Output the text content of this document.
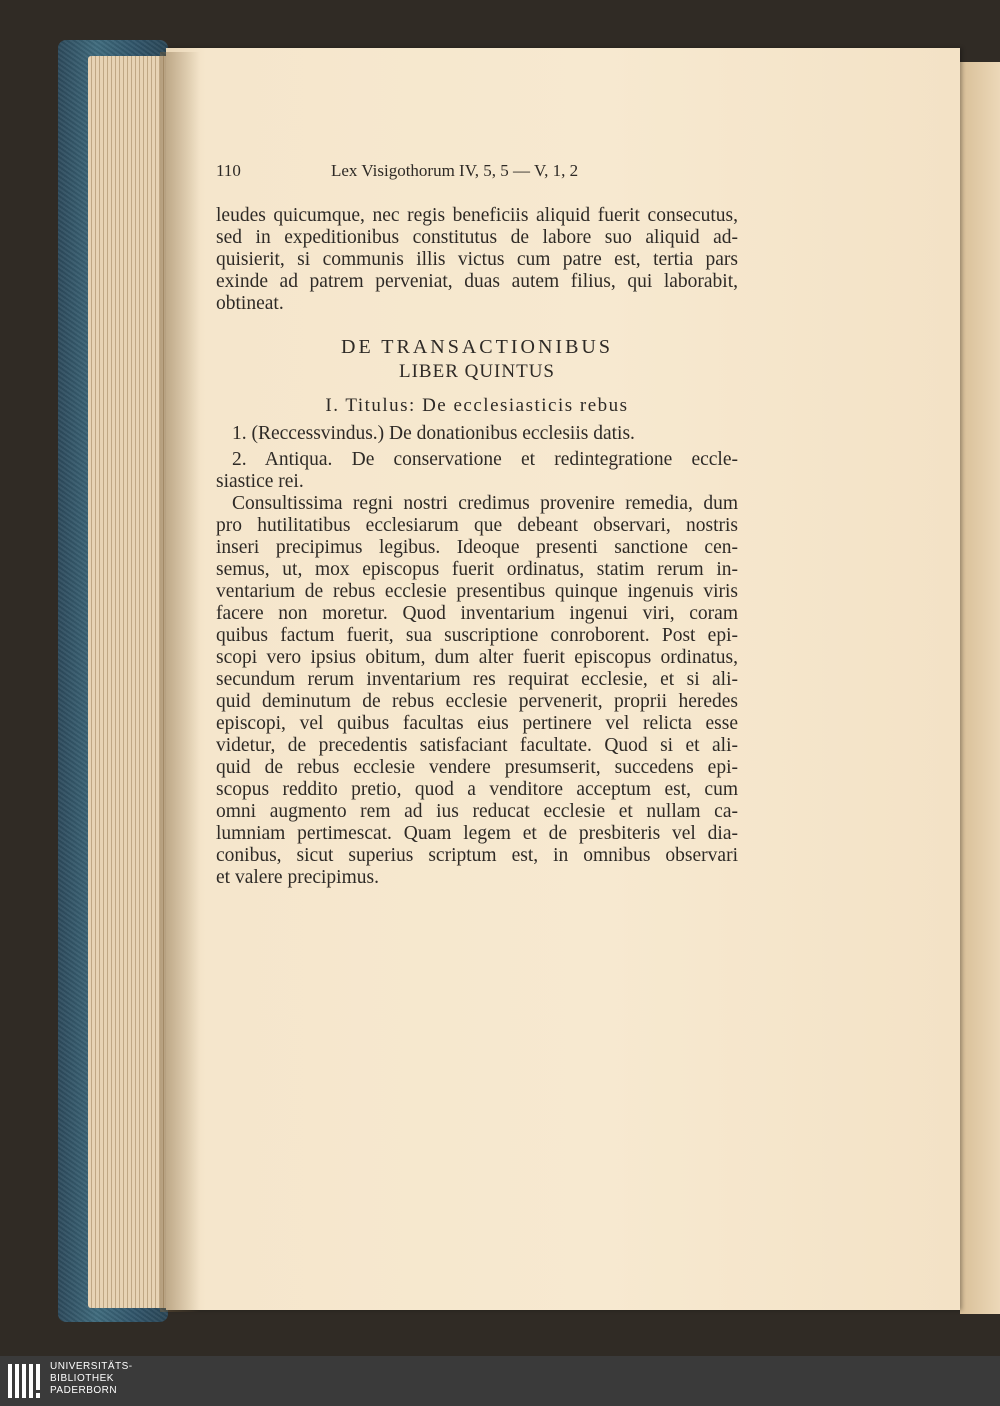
110	Lex Visigothorum IV, 5, 5 — V, 1, 2

leudes quicumque, nec regis beneficiis aliquid fuerit consecutus,
sed in expeditionibus constitutus de labore suo aliquid ad-
quisierit, si communis illis victus cum patre est, tertia pars
exinde ad patrem perveniat, duas autem filius, qui laborabit,
obtineat.

DE TRANSACTIONIBUS
LIBER QUINTUS
I. Titulus: De ecclesiasticis rebus

1. (Reccessvindus.) De donationibus ecclesiis datis.

2. Antiqua. De conservatione et redintegratione eccle-
siastice rei.

Consultissima regni nostri credimus provenire remedia, dum
pro hutilitatibus ecclesiarum que debeant observari, nostris
inseri precipimus legibus. Ideoque presenti sanctione cen-
semus, ut, mox episcopus fuerit ordinatus, statim rerum in-
ventarium de rebus ecclesie presentibus quinque ingenuis viris
facere non moretur. Quod inventarium ingenui viri, coram
quibus factum fuerit, sua suscriptione conroborent. Post epi-
scopi vero ipsius obitum, dum alter fuerit episcopus ordinatus,
secundum rerum inventarium res requirat ecclesie, et si ali-
quid deminutum de rebus ecclesie pervenerit, proprii heredes
episcopi, vel quibus facultas eius pertinere vel relicta esse
videtur, de precedentis satisfaciant facultate. Quod si et ali-
quid de rebus ecclesie vendere presumserit, succedens epi-
scopus reddito pretio, quod a venditore acceptum est, cum
omni augmento rem ad ius reducat ecclesie et nullam ca-
lumniam pertimescat. Quam legem et de presbiteris vel dia-
conibus, sicut superius scriptum est, in omnibus observari
et valere precipimus.

UNIVERSITÄTS-
BIBLIOTHEK
PADERBORN
